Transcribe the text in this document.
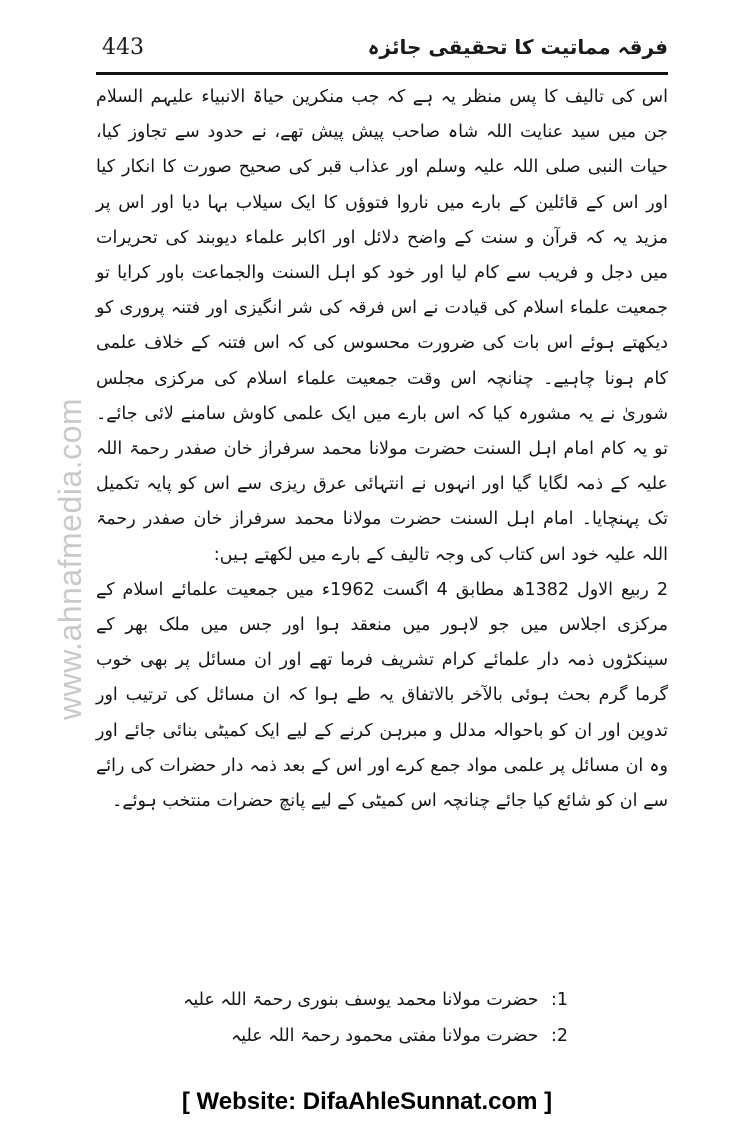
443	فرقہ مماتیت کا تحقیقی جائزہ
www.ahnafmedia.com

اس کی تالیف کا پس منظر یہ ہے کہ جب منکرین حیاۃ الانبیاء علیہم السلام جن میں سید عنایت اللہ شاہ صاحب پیش پیش تھے، نے حدود سے تجاوز کیا، حیات النبی صلی اللہ علیہ وسلم اور عذاب قبر کی صحیح صورت کا انکار کیا اور اس کے قائلین کے بارے میں ناروا فتوؤں کا ایک سیلاب بہا دیا اور اس پر مزید یہ کہ قرآن و سنت کے واضح دلائل اور اکابر علماء دیوبند کی تحریرات میں دجل و فریب سے کام لیا اور خود کو اہل السنت والجماعت باور کرایا تو جمعیت علماء اسلام کی قیادت نے اس فرقہ کی شر انگیزی اور فتنہ پروری کو دیکھتے ہوئے اس بات کی ضرورت محسوس کی کہ اس فتنہ کے خلاف علمی کام ہونا چاہیے۔ چنانچہ اس وقت جمعیت علماء اسلام کی مرکزی مجلس شوریٰ نے یہ مشورہ کیا کہ اس بارے میں ایک علمی کاوش سامنے لائی جائے۔ تو یہ کام امام اہل السنت حضرت مولانا محمد سرفراز خان صفدر رحمۃ اللہ علیہ کے ذمہ لگایا گیا اور انہوں نے انتہائی عرق ریزی سے اس کو پایہ تکمیل تک پہنچایا۔ امام اہل السنت حضرت مولانا محمد سرفراز خان صفدر رحمۃ اللہ علیہ خود اس کتاب کی وجہ تالیف کے بارے میں لکھتے ہیں:

2 ربیع الاول 1382ھ مطابق 4 اگست 1962ء میں جمعیت علمائے اسلام کے مرکزی اجلاس میں جو لاہور میں منعقد ہوا اور جس میں ملک بھر کے سینکڑوں ذمہ دار علمائے کرام تشریف فرما تھے اور ان مسائل پر بھی خوب گرما گرم بحث ہوئی بالآخر بالاتفاق یہ طے ہوا کہ ان مسائل کی ترتیب اور تدوین اور ان کو باحوالہ مدلل و مبرہن کرنے کے لیے ایک کمیٹی بنائی جائے اور وہ ان مسائل پر علمی مواد جمع کرے اور اس کے بعد ذمہ دار حضرات کی رائے سے ان کو شائع کیا جائے چنانچہ اس کمیٹی کے لیے پانچ حضرات منتخب ہوئے۔

1: حضرت مولانا محمد یوسف بنوری رحمۃ اللہ علیہ
2: حضرت مولانا مفتی محمود رحمۃ اللہ علیہ
[ Website: DifaAhleSunnat.com ]
